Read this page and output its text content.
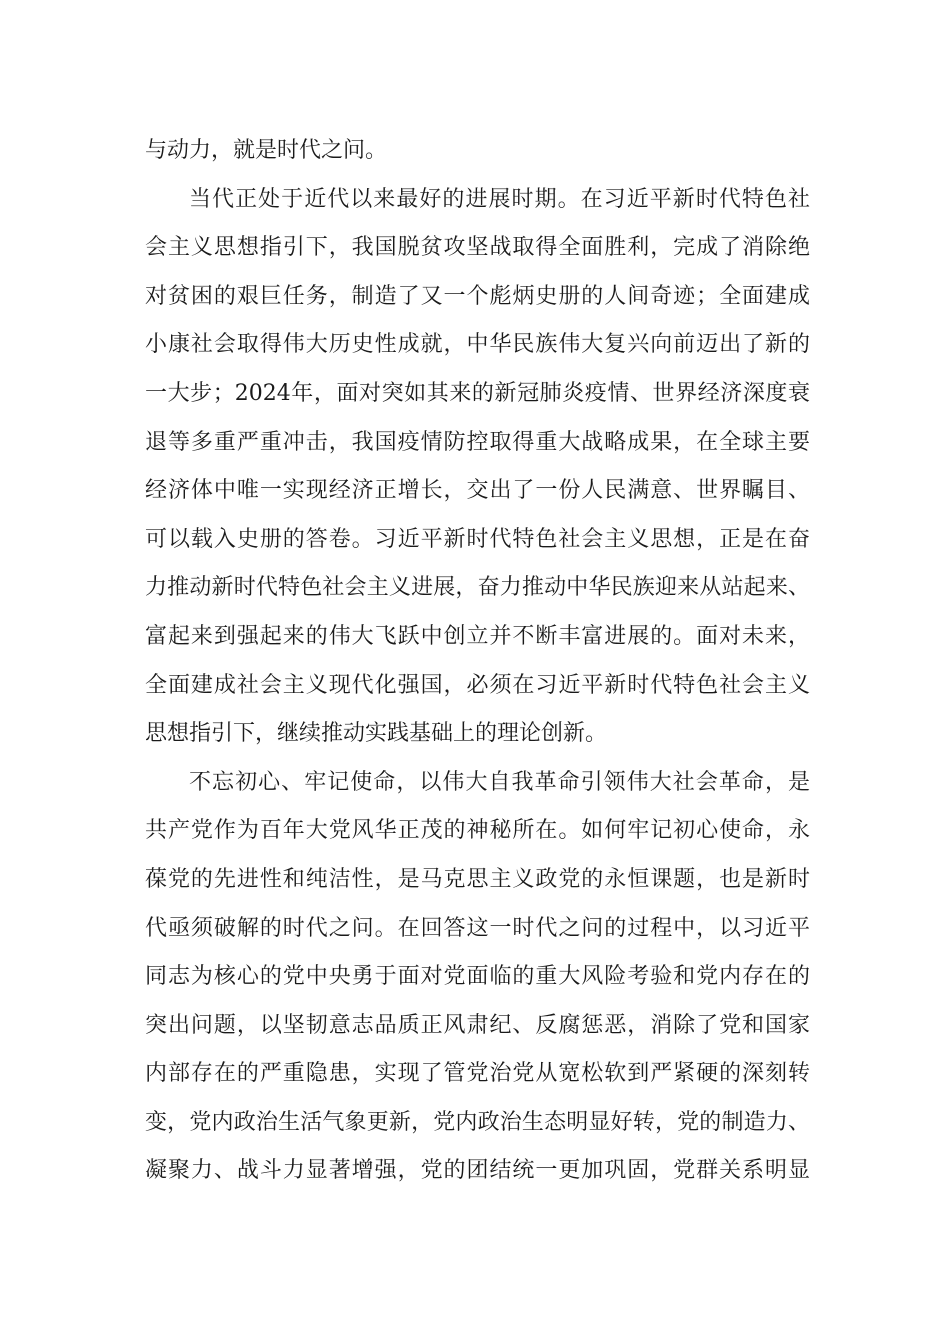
与动力，就是时代之问。
当代正处于近代以来最好的进展时期。在习近平新时代特色社
会主义思想指引下，我国脱贫攻坚战取得全面胜利，完成了消除绝
对贫困的艰巨任务，制造了又一个彪炳史册的人间奇迹；全面建成
小康社会取得伟大历史性成就，中华民族伟大复兴向前迈出了新的
一大步；2024年，面对突如其来的新冠肺炎疫情、世界经济深度衰
退等多重严重冲击，我国疫情防控取得重大战略成果，在全球主要
经济体中唯一实现经济正增长，交出了一份人民满意、世界瞩目、
可以载入史册的答卷。习近平新时代特色社会主义思想，正是在奋
力推动新时代特色社会主义进展，奋力推动中华民族迎来从站起来、
富起来到强起来的伟大飞跃中创立并不断丰富进展的。面对未来，
全面建成社会主义现代化强国，必须在习近平新时代特色社会主义
思想指引下，继续推动实践基础上的理论创新。
不忘初心、牢记使命，以伟大自我革命引领伟大社会革命，是
共产党作为百年大党风华正茂的神秘所在。如何牢记初心使命，永
葆党的先进性和纯洁性，是马克思主义政党的永恒课题，也是新时
代亟须破解的时代之问。在回答这一时代之问的过程中，以习近平
同志为核心的党中央勇于面对党面临的重大风险考验和党内存在的
突出问题，以坚韧意志品质正风肃纪、反腐惩恶，消除了党和国家
内部存在的严重隐患，实现了管党治党从宽松软到严紧硬的深刻转
变，党内政治生活气象更新，党内政治生态明显好转，党的制造力、
凝聚力、战斗力显著增强，党的团结统一更加巩固，党群关系明显
